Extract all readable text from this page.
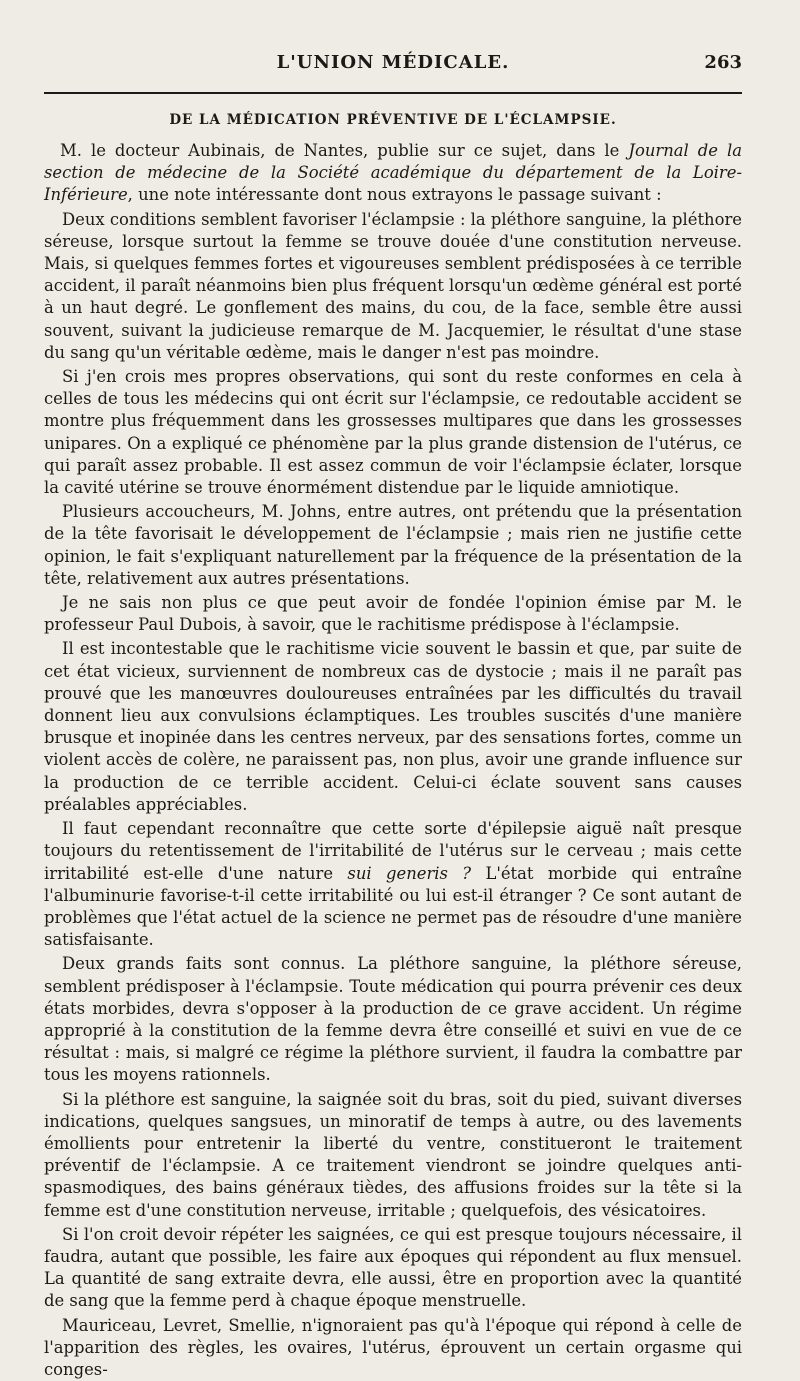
L'UNION MÉDICALE.	263
DE LA MÉDICATION PRÉVENTIVE DE L'ÉCLAMPSIE.

M. le docteur Aubinais, de Nantes, publie sur ce sujet, dans le Journal de la section de médecine de la Société académique du département de la Loire-Inférieure, une note intéressante dont nous extrayons le passage suivant :

Deux conditions semblent favoriser l'éclampsie : la pléthore sanguine, la pléthore séreuse, lorsque surtout la femme se trouve douée d'une constitution nerveuse. Mais, si quelques femmes fortes et vigoureuses semblent prédisposées à ce terrible accident, il paraît néanmoins bien plus fréquent lorsqu'un œdème général est porté à un haut degré. Le gonflement des mains, du cou, de la face, semble être aussi souvent, suivant la judicieuse remarque de M. Jacquemier, le résultat d'une stase du sang qu'un véritable œdème, mais le danger n'est pas moindre.

Si j'en crois mes propres observations, qui sont du reste conformes en cela à celles de tous les médecins qui ont écrit sur l'éclampsie, ce redoutable accident se montre plus fréquemment dans les grossesses multipares que dans les grossesses unipares. On a expliqué ce phénomène par la plus grande distension de l'utérus, ce qui paraît assez probable. Il est assez commun de voir l'éclampsie éclater, lorsque la cavité utérine se trouve énormément distendue par le liquide amniotique.

Plusieurs accoucheurs, M. Johns, entre autres, ont prétendu que la présentation de la tête favorisait le développement de l'éclampsie ; mais rien ne justifie cette opinion, le fait s'expliquant naturellement par la fréquence de la présentation de la tête, relativement aux autres présentations.

Je ne sais non plus ce que peut avoir de fondée l'opinion émise par M. le professeur Paul Dubois, à savoir, que le rachitisme prédispose à l'éclampsie.

Il est incontestable que le rachitisme vicie souvent le bassin et que, par suite de cet état vicieux, surviennent de nombreux cas de dystocie ; mais il ne paraît pas prouvé que les manœuvres douloureuses entraînées par les difficultés du travail donnent lieu aux convulsions éclamptiques. Les troubles suscités d'une manière brusque et inopinée dans les centres nerveux, par des sensations fortes, comme un violent accès de colère, ne paraissent pas, non plus, avoir une grande influence sur la production de ce terrible accident. Celui-ci éclate souvent sans causes préalables appréciables.

Il faut cependant reconnaître que cette sorte d'épilepsie aiguë naît presque toujours du retentissement de l'irritabilité de l'utérus sur le cerveau ; mais cette irritabilité est-elle d'une nature sui generis ? L'état morbide qui entraîne l'albuminurie favorise-t-il cette irritabilité ou lui est-il étranger ? Ce sont autant de problèmes que l'état actuel de la science ne permet pas de résoudre d'une manière satisfaisante.

Deux grands faits sont connus. La pléthore sanguine, la pléthore séreuse, semblent prédisposer à l'éclampsie. Toute médication qui pourra prévenir ces deux états morbides, devra s'opposer à la production de ce grave accident. Un régime approprié à la constitution de la femme devra être conseillé et suivi en vue de ce résultat : mais, si malgré ce régime la pléthore survient, il faudra la combattre par tous les moyens rationnels.

Si la pléthore est sanguine, la saignée soit du bras, soit du pied, suivant diverses indications, quelques sangsues, un minoratif de temps à autre, ou des lavements émollients pour entretenir la liberté du ventre, constitueront le traitement préventif de l'éclampsie. A ce traitement viendront se joindre quelques anti-spasmodiques, des bains généraux tièdes, des affusions froides sur la tête si la femme est d'une constitution nerveuse, irritable ; quelquefois, des vésicatoires.

Si l'on croit devoir répéter les saignées, ce qui est presque toujours nécessaire, il faudra, autant que possible, les faire aux époques qui répondent au flux mensuel. La quantité de sang extraite devra, elle aussi, être en proportion avec la quantité de sang que la femme perd à chaque époque menstruelle.

Mauriceau, Levret, Smellie, n'ignoraient pas qu'à l'époque qui répond à celle de l'apparition des règles, les ovaires, l'utérus, éprouvent un certain orgasme qui conges-
